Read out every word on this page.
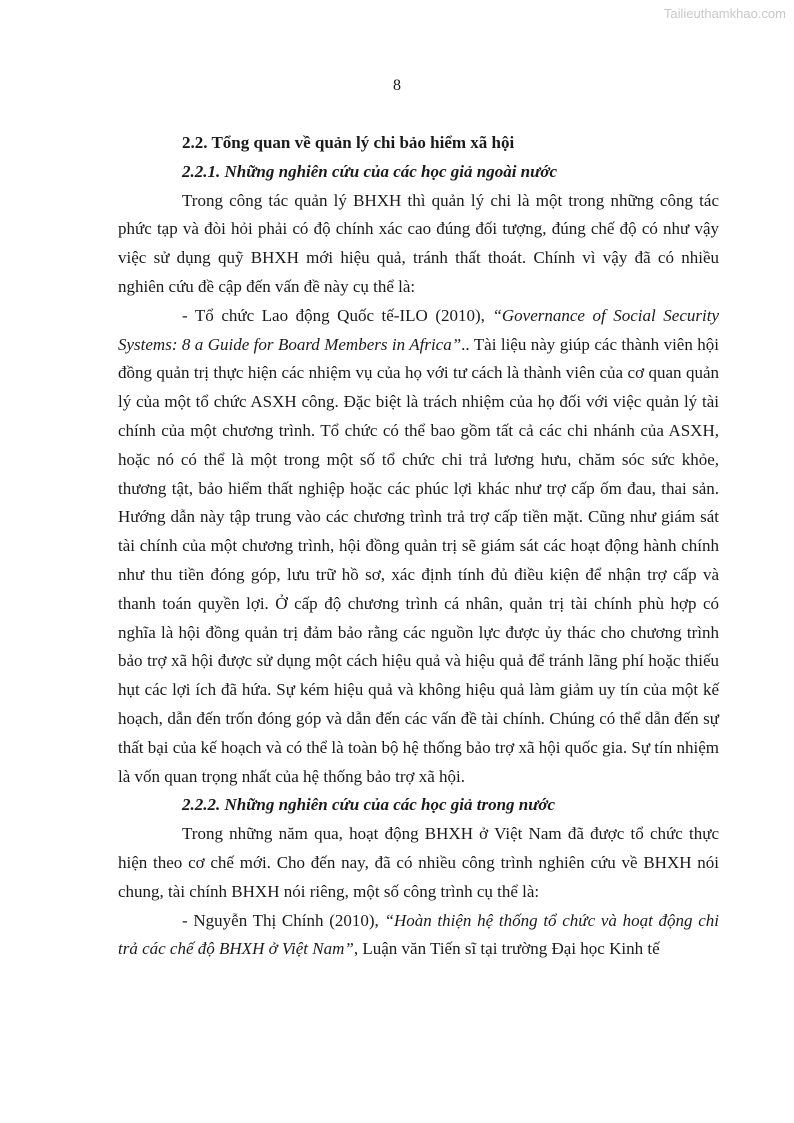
Tailieuthamkhao.com
8

2.2. Tổng quan về quản lý chi bảo hiểm xã hội

2.2.1. Những nghiên cứu của các học giả ngoài nước

Trong công tác quản lý BHXH thì quản lý chi là một trong những công tác phức tạp và đòi hỏi phải có độ chính xác cao đúng đối tượng, đúng chế độ có như vậy việc sử dụng quỹ BHXH mới hiệu quả, tránh thất thoát. Chính vì vậy đã có nhiều nghiên cứu đề cập đến vấn đề này cụ thể là:

- Tổ chức Lao động Quốc tế-ILO (2010), “Governance of Social Security Systems: 8 a Guide for Board Members in Africa”.. Tài liệu này giúp các thành viên hội đồng quản trị thực hiện các nhiệm vụ của họ với tư cách là thành viên của cơ quan quản lý của một tổ chức ASXH công. Đặc biệt là trách nhiệm của họ đối với việc quản lý tài chính của một chương trình. Tổ chức có thể bao gồm tất cả các chi nhánh của ASXH, hoặc nó có thể là một trong một số tổ chức chi trả lương hưu, chăm sóc sức khỏe, thương tật, bảo hiểm thất nghiệp hoặc các phúc lợi khác như trợ cấp ốm đau, thai sản. Hướng dẫn này tập trung vào các chương trình trả trợ cấp tiền mặt. Cũng như giám sát tài chính của một chương trình, hội đồng quản trị sẽ giám sát các hoạt động hành chính như thu tiền đóng góp, lưu trữ hồ sơ, xác định tính đủ điều kiện để nhận trợ cấp và thanh toán quyền lợi. Ở cấp độ chương trình cá nhân, quản trị tài chính phù hợp có nghĩa là hội đồng quản trị đảm bảo rằng các nguồn lực được ủy thác cho chương trình bảo trợ xã hội được sử dụng một cách hiệu quả và hiệu quả để tránh lãng phí hoặc thiếu hụt các lợi ích đã hứa. Sự kém hiệu quả và không hiệu quả làm giảm uy tín của một kế hoạch, dẫn đến trốn đóng góp và dẫn đến các vấn đề tài chính. Chúng có thể dẫn đến sự thất bại của kế hoạch và có thể là toàn bộ hệ thống bảo trợ xã hội quốc gia. Sự tín nhiệm là vốn quan trọng nhất của hệ thống bảo trợ xã hội.

2.2.2. Những nghiên cứu của các học giả trong nước

Trong những năm qua, hoạt động BHXH ở Việt Nam đã được tổ chức thực hiện theo cơ chế mới. Cho đến nay, đã có nhiều công trình nghiên cứu về BHXH nói chung, tài chính BHXH nói riêng, một số công trình cụ thể là:

- Nguyễn Thị Chính (2010), “Hoàn thiện hệ thống tổ chức và hoạt động chi trả các chế độ BHXH ở Việt Nam”, Luận văn Tiến sĩ tại trường Đại học Kinh tế
